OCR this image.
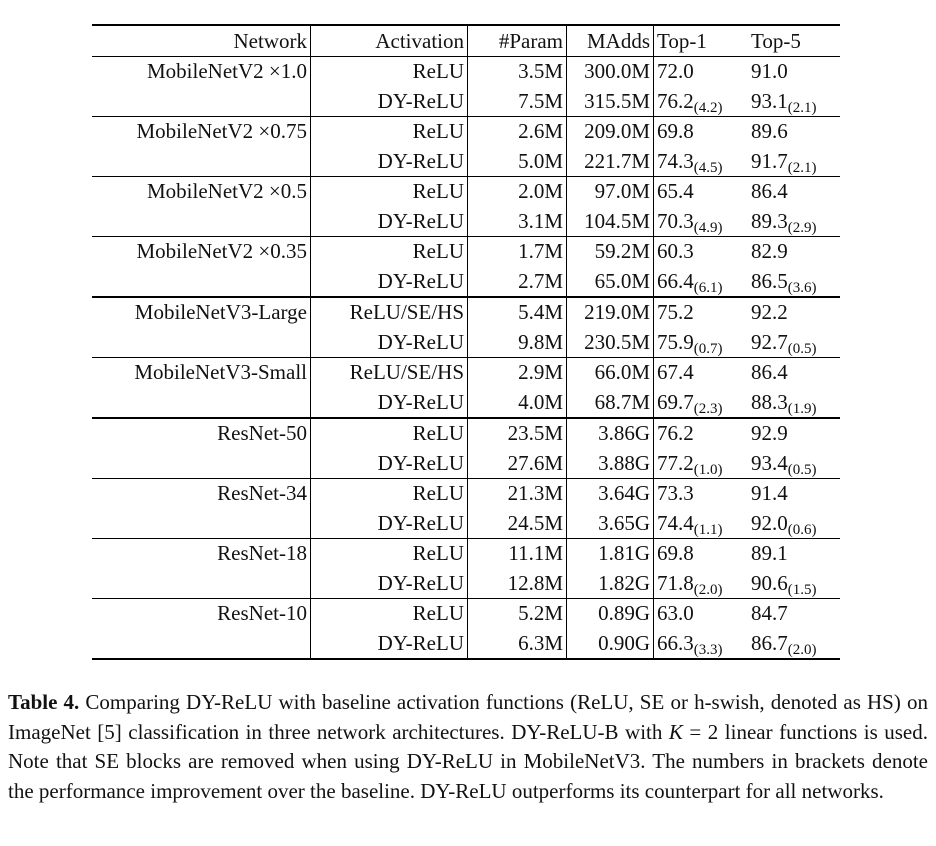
Network	Activation	#Param	MAdds	Top-1	Top-5
MobileNetV2 ×1.0	ReLU	3.5M	300.0M	72.0	91.0
	DY-ReLU	7.5M	315.5M	$76.2_{(4.2)}$	$93.1_{(2.1)}$
MobileNetV2 ×0.75	ReLU	2.6M	209.0M	69.8	89.6
	DY-ReLU	5.0M	221.7M	$74.3_{(4.5)}$	$91.7_{(2.1)}$
MobileNetV2 ×0.5	ReLU	2.0M	97.0M	65.4	86.4
	DY-ReLU	3.1M	104.5M	$70.3_{(4.9)}$	$89.3_{(2.9)}$
MobileNetV2 ×0.35	ReLU	1.7M	59.2M	60.3	82.9
	DY-ReLU	2.7M	65.0M	$66.4_{(6.1)}$	$86.5_{(3.6)}$
MobileNetV3-Large	ReLU/SE/HS	5.4M	219.0M	75.2	92.2
	DY-ReLU	9.8M	230.5M	$75.9_{(0.7)}$	$92.7_{(0.5)}$
MobileNetV3-Small	ReLU/SE/HS	2.9M	66.0M	67.4	86.4
	DY-ReLU	4.0M	68.7M	$69.7_{(2.3)}$	$88.3_{(1.9)}$
ResNet-50	ReLU	23.5M	3.86G	76.2	92.9
	DY-ReLU	27.6M	3.88G	$77.2_{(1.0)}$	$93.4_{(0.5)}$
ResNet-34	ReLU	21.3M	3.64G	73.3	91.4
	DY-ReLU	24.5M	3.65G	$74.4_{(1.1)}$	$92.0_{(0.6)}$
ResNet-18	ReLU	11.1M	1.81G	69.8	89.1
	DY-ReLU	12.8M	1.82G	$71.8_{(2.0)}$	$90.6_{(1.5)}$
ResNet-10	ReLU	5.2M	0.89G	63.0	84.7
	DY-ReLU	6.3M	0.90G	$66.3_{(3.3)}$	$86.7_{(2.0)}$
Table 4. Comparing DY-ReLU with baseline activation functions (ReLU, SE or h-swish, denoted as HS) on ImageNet [5] classification in three network architectures. DY-ReLU-B with K = 2 linear functions is used. Note that SE blocks are removed when using DY-ReLU in MobileNetV3. The numbers in brackets denote the performance improvement over the baseline. DY-ReLU outperforms its counterpart for all networks.
